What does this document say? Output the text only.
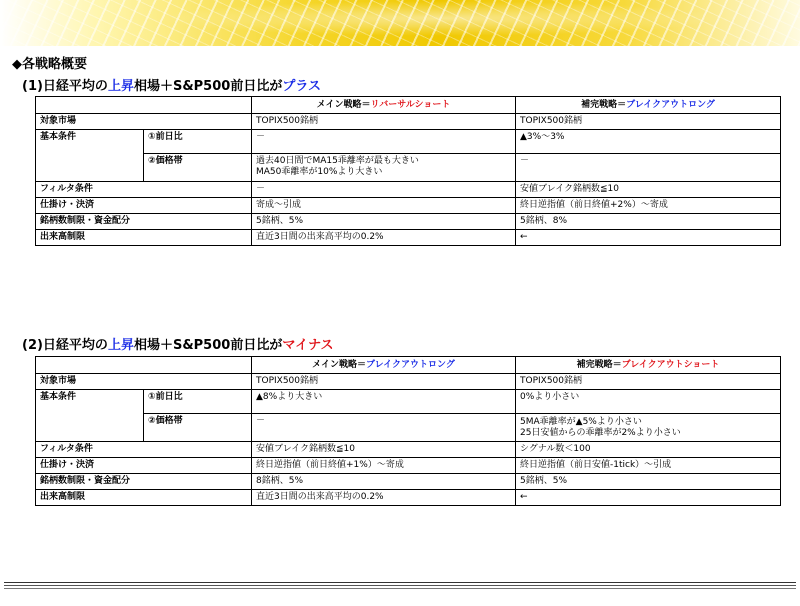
◆各戦略概要
(1)日経平均の上昇相場＋S&P500前日比がプラス
		メイン戦略＝リバーサルショート	補完戦略＝ブレイクアウトロング
対象市場		TOPIX500銘柄	TOPIX500銘柄
基本条件	①前日比	－	▲3%～3%
	②価格帯	過去40日間でMA15乖離率が最も大きい
MA50乖離率が10%より大きい	－

フィルタ条件		－	安値ブレイク銘柄数≦10
仕掛け・決済		寄成～引成	終日逆指値（前日終値+2%）～寄成
銘柄数制限・資金配分		5銘柄、5%	5銘柄、8%
出来高制限		直近3日間の出来高平均の0.2%	←
(2)日経平均の上昇相場＋S&P500前日比がマイナス
		メイン戦略＝ブレイクアウトロング	補完戦略＝ブレイクアウトショート
対象市場		TOPIX500銘柄	TOPIX500銘柄
基本条件	①前日比	▲8%より大きい	0%より小さい
	②価格帯	－	5MA乖離率が▲5%より小さい
25日安値からの乖離率が2%より小さい

フィルタ条件		安値ブレイク銘柄数≦10	シグナル数＜100
仕掛け・決済		終日逆指値（前日終値+1%）～寄成	終日逆指値（前日安値-1tick）～引成
銘柄数制限・資金配分		8銘柄、5%	5銘柄、5%
出来高制限		直近3日間の出来高平均の0.2%	←
